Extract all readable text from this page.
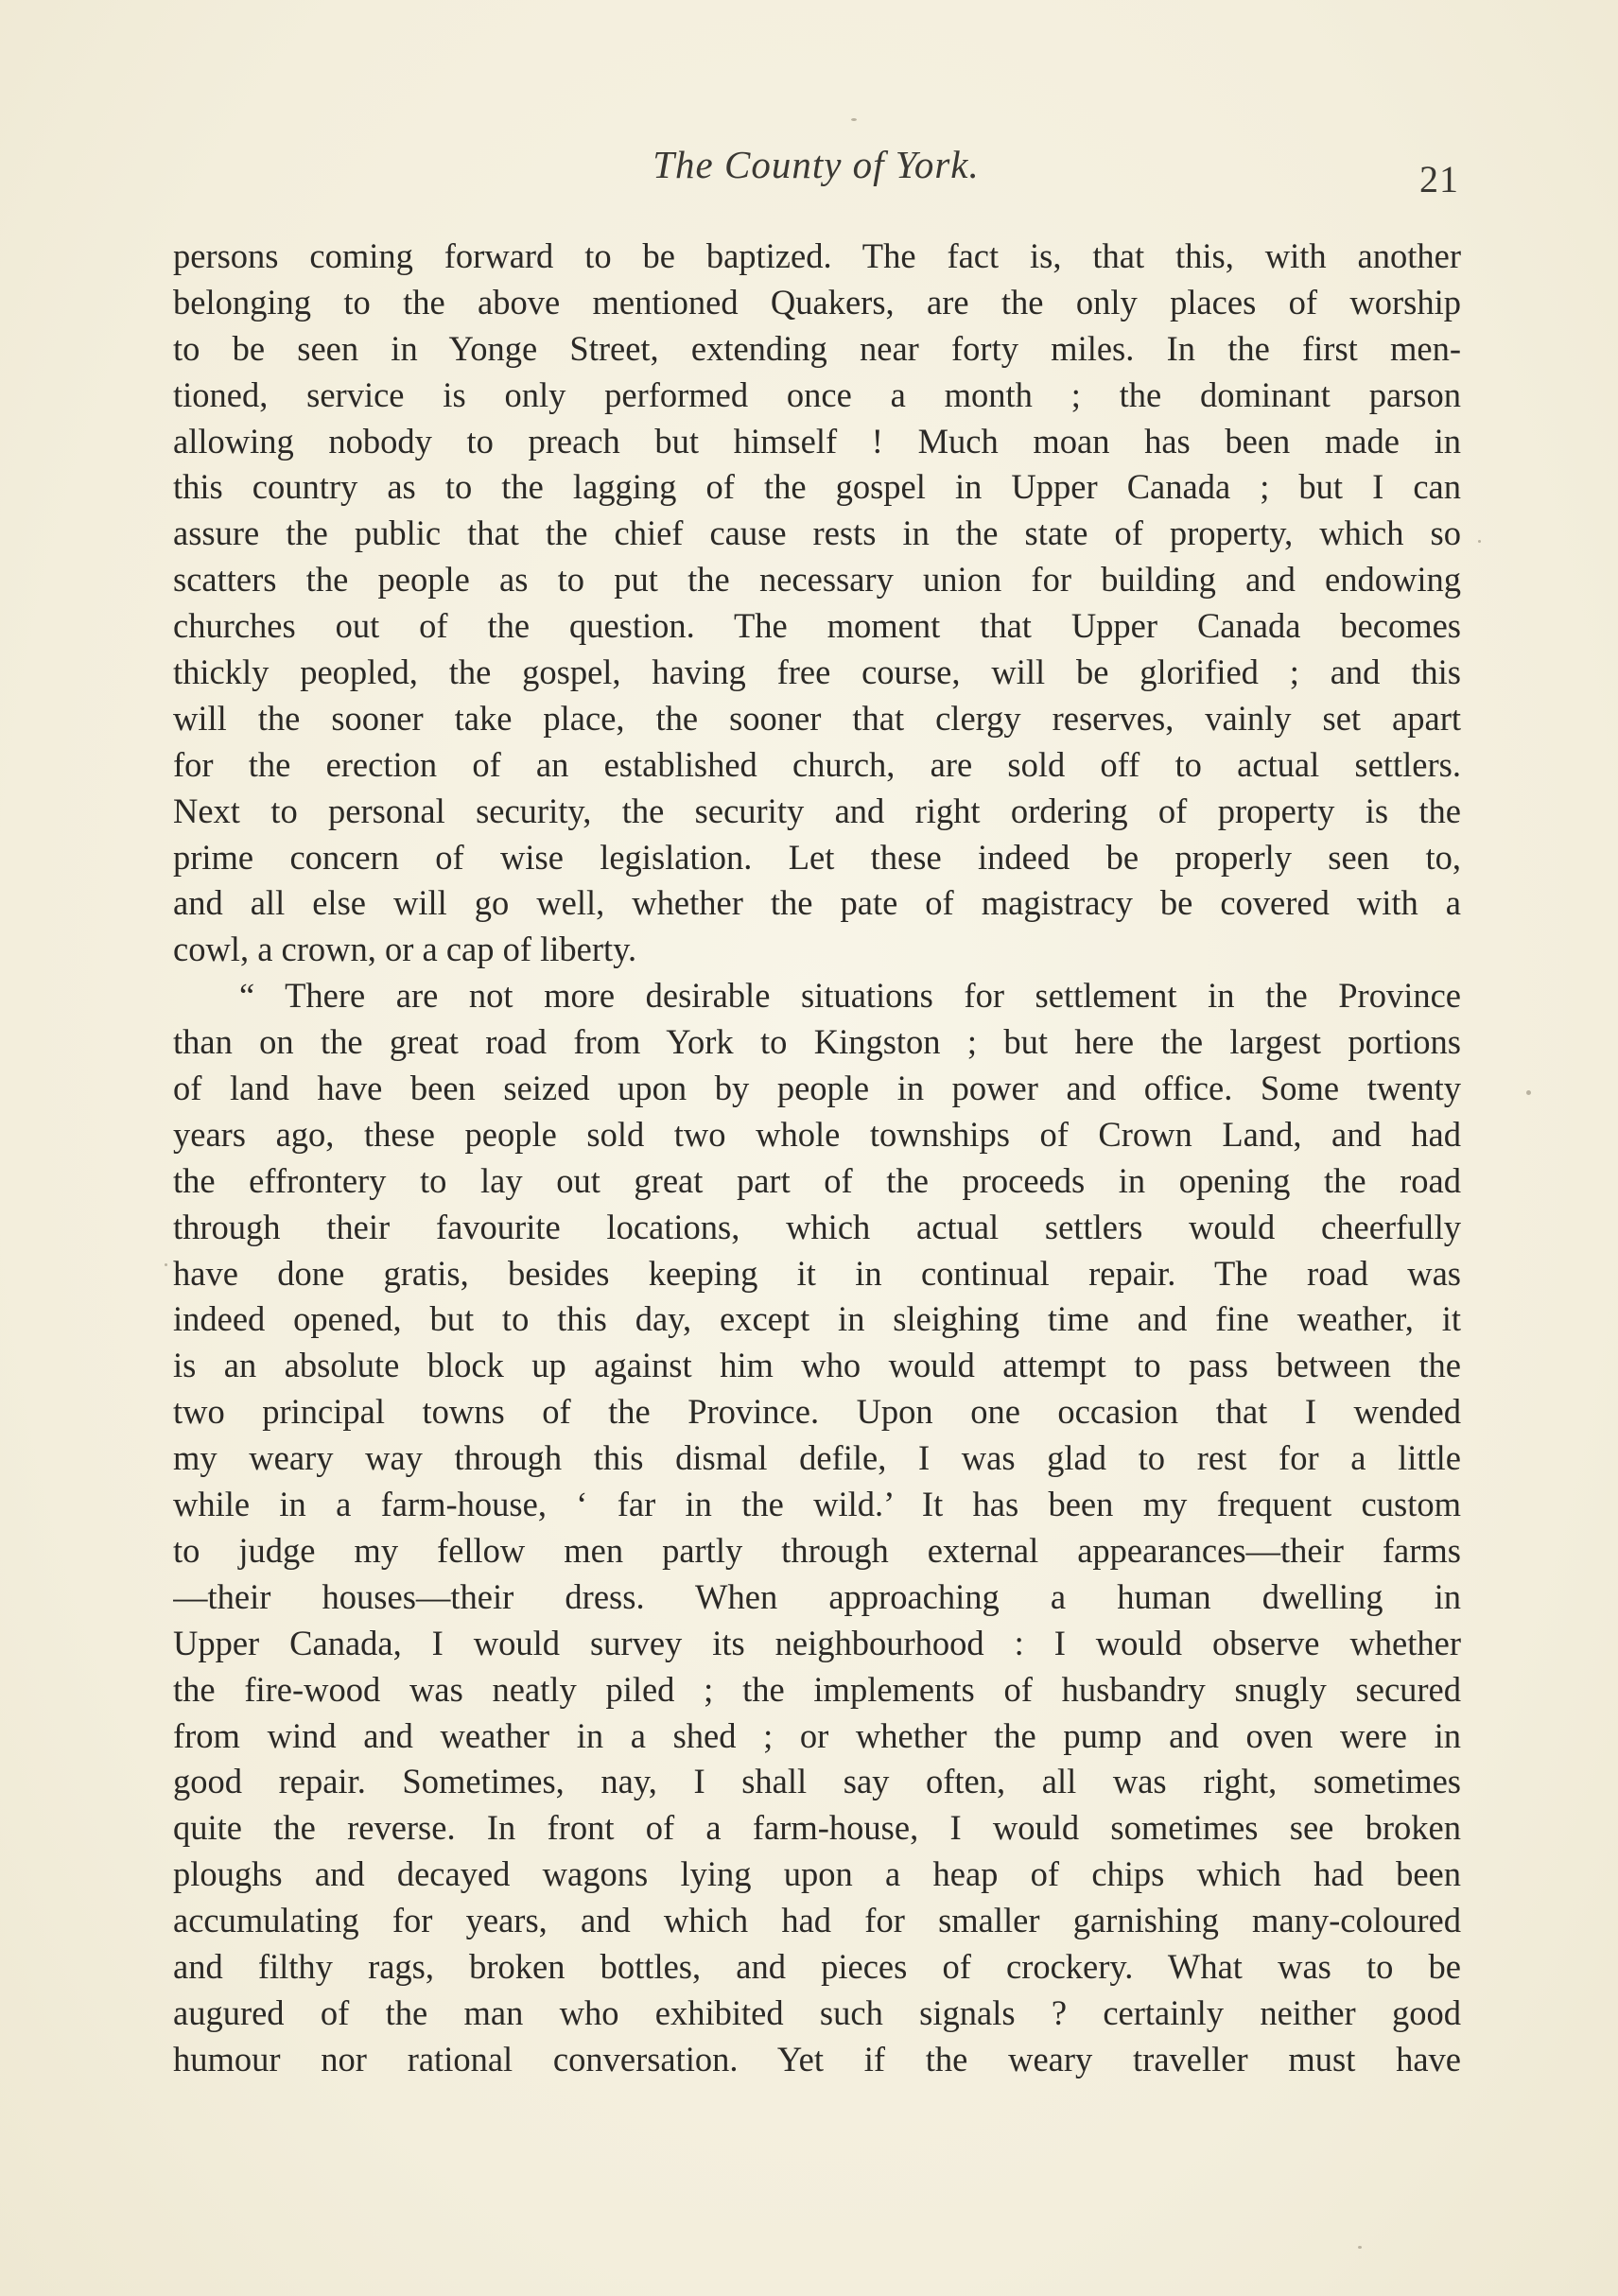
The County of York.	21
persons coming forward to be baptized. The fact is, that this, with another
belonging to the above mentioned Quakers, are the only places of worship
to be seen in Yonge Street, extending near forty miles. In the first men-
tioned, service is only performed once a month ; the dominant parson
allowing nobody to preach but himself ! Much moan has been made in
this country as to the lagging of the gospel in Upper Canada ; but I can
assure the public that the chief cause rests in the state of property, which so
scatters the people as to put the necessary union for building and endowing
churches out of the question. The moment that Upper Canada becomes
thickly peopled, the gospel, having free course, will be glorified ; and this
will the sooner take place, the sooner that clergy reserves, vainly set apart
for the erection of an established church, are sold off to actual settlers.
Next to personal security, the security and right ordering of property is the
prime concern of wise legislation. Let these indeed be properly seen to,
and all else will go well, whether the pate of magistracy be covered with a
cowl, a crown, or a cap of liberty.
“ There are not more desirable situations for settlement in the Province
than on the great road from York to Kingston ; but here the largest portions
of land have been seized upon by people in power and office. Some twenty
years ago, these people sold two whole townships of Crown Land, and had
the effrontery to lay out great part of the proceeds in opening the road
through their favourite locations, which actual settlers would cheerfully
have done gratis, besides keeping it in continual repair. The road was
indeed opened, but to this day, except in sleighing time and fine weather, it
is an absolute block up against him who would attempt to pass between the
two principal towns of the Province. Upon one occasion that I wended
my weary way through this dismal defile, I was glad to rest for a little
while in a farm-house, ‘ far in the wild.’ It has been my frequent custom
to judge my fellow men partly through external appearances—their farms
—their houses—their dress. When approaching a human dwelling in
Upper Canada, I would survey its neighbourhood : I would observe whether
the fire-wood was neatly piled ; the implements of husbandry snugly secured
from wind and weather in a shed ; or whether the pump and oven were in
good repair. Sometimes, nay, I shall say often, all was right, sometimes
quite the reverse. In front of a farm-house, I would sometimes see broken
ploughs and decayed wagons lying upon a heap of chips which had been
accumulating for years, and which had for smaller garnishing many-coloured
and filthy rags, broken bottles, and pieces of crockery. What was to be
augured of the man who exhibited such signals ? certainly neither good
humour nor rational conversation. Yet if the weary traveller must have
